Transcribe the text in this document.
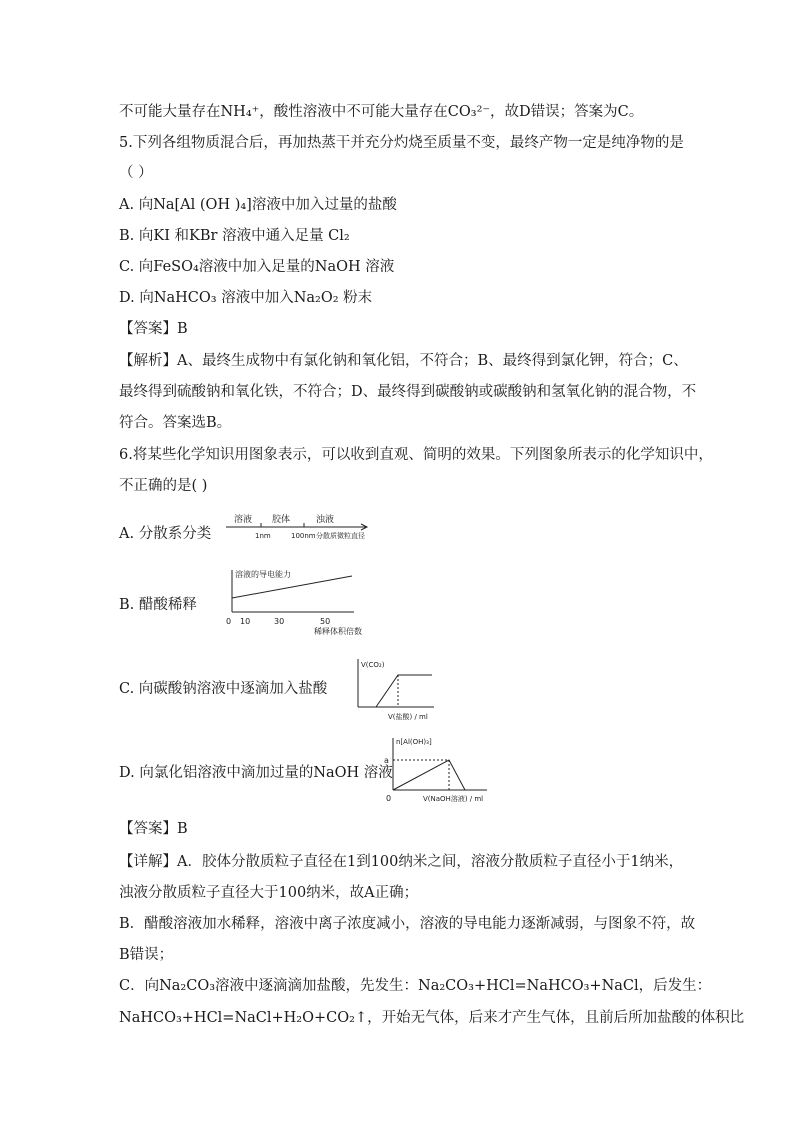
不可能大量存在NH₄⁺，酸性溶液中不可能大量存在CO₃²⁻，故D错误；答案为C。
5.下列各组物质混合后，再加热蒸干并充分灼烧至质量不变，最终产物一定是纯净物的是
（ ）
A. 向Na[Al (OH )₄]溶液中加入过量的盐酸
B. 向KI 和KBr 溶液中通入足量 Cl₂
C. 向FeSO₄溶液中加入足量的NaOH 溶液
D. 向NaHCO₃ 溶液中加入Na₂O₂ 粉末
【答案】B
【解析】A、最终生成物中有氯化钠和氧化铝，不符合；B、最终得到氯化钾，符合；C、
最终得到硫酸钠和氧化铁，不符合；D、最终得到碳酸钠或碳酸钠和氢氧化钠的混合物，不
符合。答案选B。
6.将某些化学知识用图象表示，可以收到直观、简明的效果。下列图象所表示的化学知识中，
不正确的是( )
A. 分散系分类
溶液 胶体	浊液
1nm	100nm 分散质微粒直径
B. 醋酸稀释
溶液的导电能力
0 10	30	50
稀释体积倍数
C. 向碳酸钠溶液中逐滴加入盐酸
V(CO₂)
V(盐酸) / ml
D. 向氯化铝溶液中滴加过量的NaOH 溶液
n[Al(OH)₃]
a
0	V(NaOH溶液) / ml
【答案】B
【详解】A．胶体分散质粒子直径在1到100纳米之间，溶液分散质粒子直径小于1纳米，
浊液分散质粒子直径大于100纳米，故A正确；
B．醋酸溶液加水稀释，溶液中离子浓度减小，溶液的导电能力逐渐减弱，与图象不符，故
B错误；
C．向Na₂CO₃溶液中逐滴滴加盐酸，先发生：Na₂CO₃+HCl=NaHCO₃+NaCl，后发生：
NaHCO₃+HCl=NaCl+H₂O+CO₂↑，开始无气体，后来才产生气体，且前后所加盐酸的体积比
